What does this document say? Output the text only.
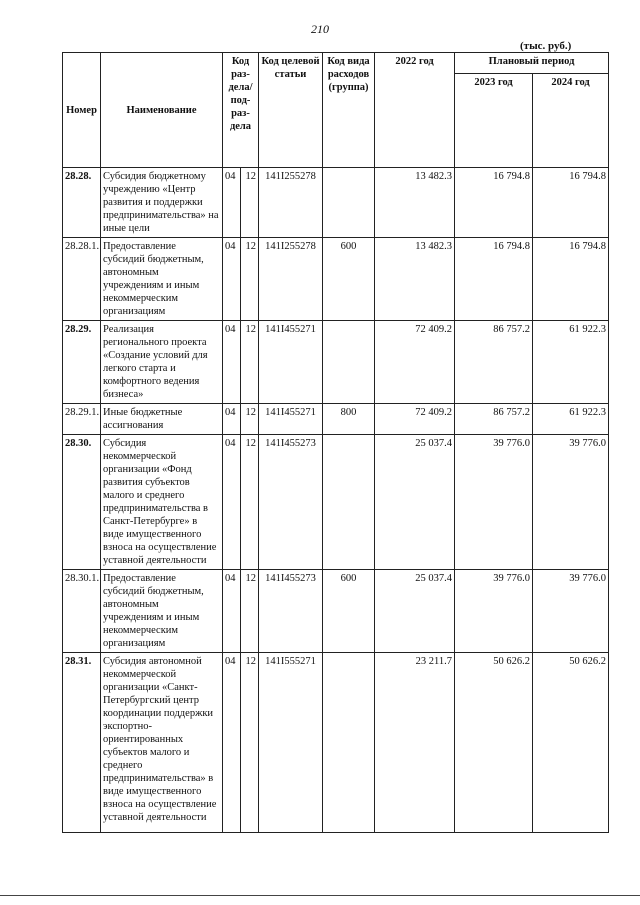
210
(тыс. руб.)
Номер	Наименование	Код раз-дела/ под-раз-дела		Код целевой статьи	Код вида расходов (группа)	2022 год	Плановый период	
							2023 год	2024 год
28.28.	Субсидия бюджетному учреждению «Центр развития и поддержки предпринимательства» на иные цели	04	12	141I255278		13 482.3	16 794.8	16 794.8
28.28.1.	Предоставление субсидий бюджетным, автономным учреждениям и иным некоммерческим организациям	04	12	141I255278	600	13 482.3	16 794.8	16 794.8
28.29.	Реализация регионального проекта «Создание условий для легкого старта и комфортного ведения бизнеса»	04	12	141I455271		72 409.2	86 757.2	61 922.3
28.29.1.	Иные бюджетные ассигнования	04	12	141I455271	800	72 409.2	86 757.2	61 922.3
28.30.	Субсидия некоммерческой организации «Фонд развития субъектов малого и среднего предпринимательства в Санкт-Петербурге» в виде имущественного взноса на осуществление уставной деятельности	04	12	141I455273		25 037.4	39 776.0	39 776.0
28.30.1.	Предоставление субсидий бюджетным, автономным учреждениям и иным некоммерческим организациям	04	12	141I455273	600	25 037.4	39 776.0	39 776.0
28.31.	Субсидия автономной некоммерческой организации «Санкт-Петербургский центр координации поддержки экспортно-ориентированных субъектов малого и среднего предпринимательства» в виде имущественного взноса на осуществление уставной деятельности	04	12	141I555271		23 211.7	50 626.2	50 626.2
